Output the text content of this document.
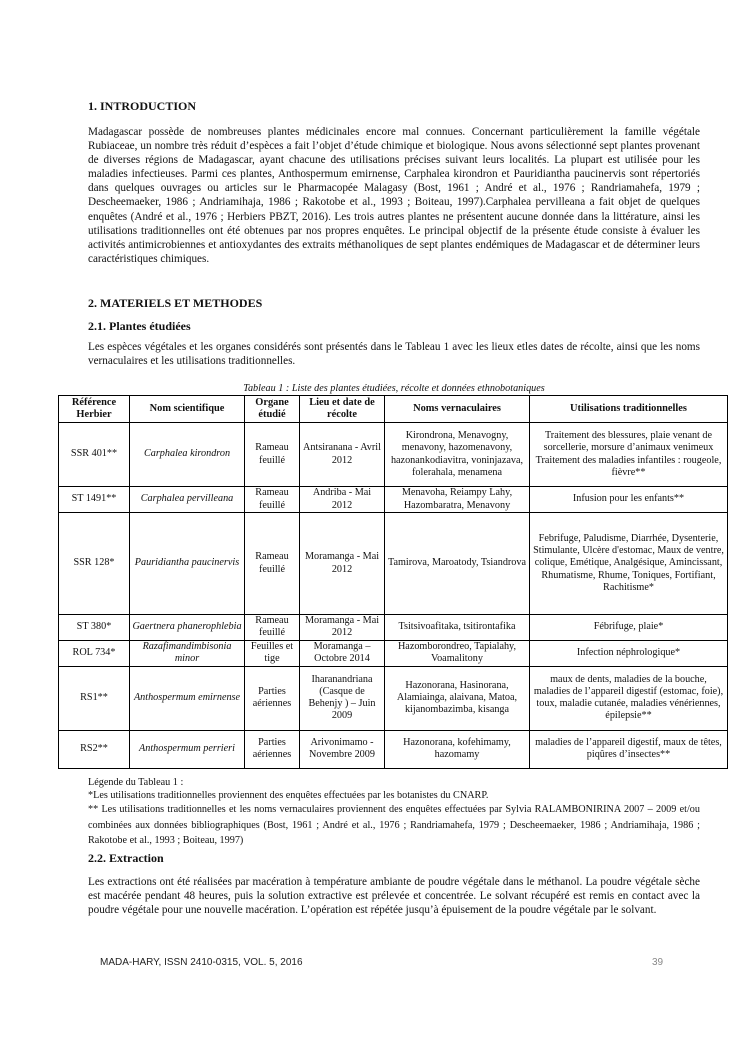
1. INTRODUCTION

Madagascar possède de nombreuses plantes médicinales encore mal connues. Concernant particulièrement la famille végétale Rubiaceae, un nombre très réduit d’espèces a fait l’objet d’étude chimique et biologique. Nous avons sélectionné sept plantes provenant de diverses régions de Madagascar, ayant chacune des utilisations précises suivant leurs localités. La plupart est utilisée pour les maladies infectieuses. Parmi ces plantes, Anthospermum emirnense, Carphalea kirondron et Pauridiantha paucinervis sont répertoriés dans quelques ouvrages ou articles sur le Pharmacopée Malagasy (Bost, 1961 ; André et al., 1976 ; Randriamahefa, 1979 ; Descheemaeker, 1986 ; Andriamihaja, 1986 ; Rakotobe et al., 1993 ; Boiteau, 1997).Carphalea pervilleana a fait objet de quelques enquêtes (André et al., 1976 ; Herbiers PBZT, 2016). Les trois autres plantes ne présentent aucune donnée dans la littérature, ainsi les utilisations traditionnelles ont été obtenues par nos propres enquêtes. Le principal objectif de la présente étude consiste à évaluer les activités antimicrobiennes et antioxydantes des extraits méthanoliques de sept plantes endémiques de Madagascar et de déterminer leurs caractéristiques chimiques.

2. MATERIELS ET METHODES
2.1. Plantes étudiées

Les espèces végétales et les organes considérés sont présentés dans le Tableau 1 avec les lieux etles dates de récolte, ainsi que les noms vernaculaires et les utilisations traditionnelles.

Tableau 1 : Liste des plantes étudiées, récolte et données ethnobotaniques
Référence Herbier	Nom scientifique	Organe étudié	Lieu et date de récolte	Noms vernaculaires	Utilisations traditionnelles
SSR 401**	Carphalea kirondron	Rameau feuillé	Antsiranana - Avril 2012	Kirondrona, Menavogny, menavony, hazomenavony, hazonankodiavitra, voninjazava, folerahala, menamena	Traitement des blessures, plaie venant de sorcellerie, morsure d’animaux venimeux Traitement des maladies infantiles : rougeole, fièvre**
ST 1491**	Carphalea pervilleana	Rameau feuillé	Andriba - Mai 2012	Menavoha, Reiampy Lahy, Hazombaratra, Menavony	Infusion pour les enfants**
SSR 128*	Pauridiantha paucinervis	Rameau feuillé	Moramanga - Mai 2012	Tamirova, Maroatody, Tsiandrova	Febrifuge, Paludisme, Diarrhée, Dysenterie, Stimulante, Ulcère d'estomac, Maux de ventre, colique, Emétique, Analgésique, Amincissant, Rhumatisme, Rhume, Toniques, Fortifiant, Rachitisme*
ST 380*	Gaertnera phanerophlebia	Rameau feuillé	Moramanga - Mai 2012	Tsitsivoafitaka, tsitirontafika	Fébrifuge, plaie*
ROL 734*	Razafimandimbisonia minor	Feuilles et tige	Moramanga – Octobre 2014	Hazomborondreo, Tapialahy, Voamalitony	Infection néphrologique*
RS1**	Anthospermum emirnense	Parties aériennes	Iharanandriana (Casque de Behenjy ) – Juin 2009	Hazonorana, Hasinorana, Alamiainga, alaivana, Matoa, kijanombazimba, kisanga	maux de dents, maladies de la bouche, maladies de l’appareil digestif (estomac, foie), toux, maladie cutanée, maladies vénériennes, épilepsie**
RS2**	Anthospermum perrieri	Parties aériennes	Arivonimamo - Novembre 2009	Hazonorana, kofehimamy, hazomamy	maladies de l’appareil digestif, maux de têtes, piqûres d’insectes**
Légende du Tableau 1 :
*Les utilisations traditionnelles proviennent des enquêtes effectuées par les botanistes du CNARP.
** Les utilisations traditionnelles et les noms vernaculaires proviennent des enquêtes effectuées par Sylvia RALAMBONIRINA 2007 – 2009 et/ou combinées aux données bibliographiques (Bost, 1961 ; André et al., 1976 ; Randriamahefa, 1979 ; Descheemaeker, 1986 ; Andriamihaja, 1986 ; Rakotobe et al., 1993 ; Boiteau, 1997)
2.2. Extraction

Les extractions ont été réalisées par macération à température ambiante de poudre végétale dans le méthanol. La poudre végétale sèche est macérée pendant 48 heures, puis la solution extractive est prélevée et concentrée. Le solvant récupéré est remis en contact avec la poudre végétale pour une nouvelle macération. L’opération est répétée jusqu’à épuisement de la poudre végétale par le solvant.

MADA-HARY, ISSN 2410-0315, VOL. 5, 2016	39
